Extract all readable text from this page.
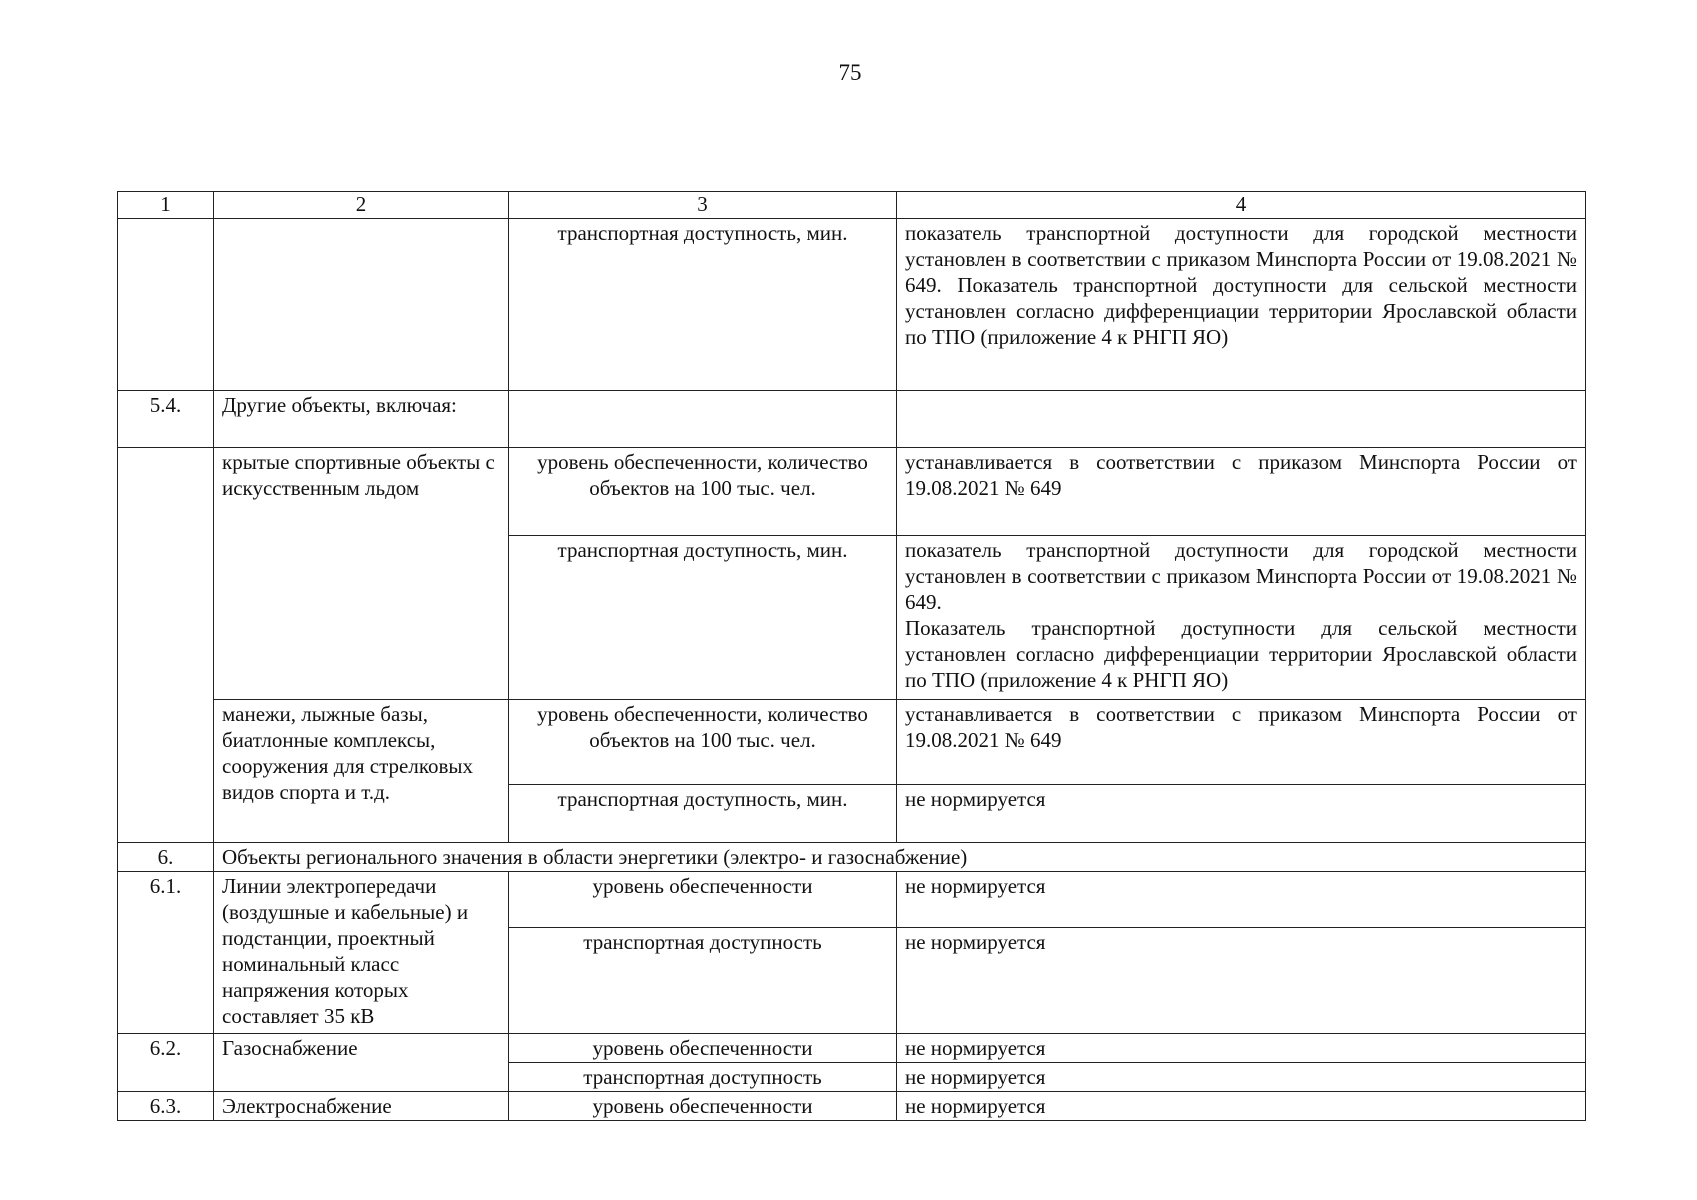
75
1	2	3	4
		транспортная доступность, мин.	показатель транспортной доступности для городской местности установлен в соответствии с приказом Минспорта России от 19.08.2021 № 649. Показатель транспортной доступности для сельской местности установлен согласно дифференциации территории Ярославской области по ТПО (приложение 4 к РНГП ЯО)
5.4.	Другие объекты, включая:		
	крытые спортивные объекты с искусственным льдом	уровень обеспеченности, количество объектов на 100 тыс. чел.	устанавливается в соответствии с приказом Минспорта России от 19.08.2021 № 649
		транспортная доступность, мин.	показатель транспортной доступности для городской местности установлен в соответствии с приказом Минспорта России от 19.08.2021 № 649.
Показатель транспортной доступности для сельской местности установлен согласно дифференциации территории Ярославской области по ТПО (приложение 4 к РНГП ЯО)

	манежи, лыжные базы, биатлонные комплексы, сооружения для стрелковых видов спорта и т.д.	уровень обеспеченности, количество объектов на 100 тыс. чел.	устанавливается в соответствии с приказом Минспорта России от 19.08.2021 № 649
		транспортная доступность, мин.	не нормируется
6.	Объекты регионального значения в области энергетики (электро- и газоснабжение)		
6.1.	Линии электропередачи (воздушные и кабельные) и подстанции, проектный номинальный класс напряжения которых составляет 35 кВ	уровень обеспеченности	не нормируется
		транспортная доступность	не нормируется
6.2.	Газоснабжение	уровень обеспеченности	не нормируется
		транспортная доступность	не нормируется
6.3.	Электроснабжение	уровень обеспеченности	не нормируется
